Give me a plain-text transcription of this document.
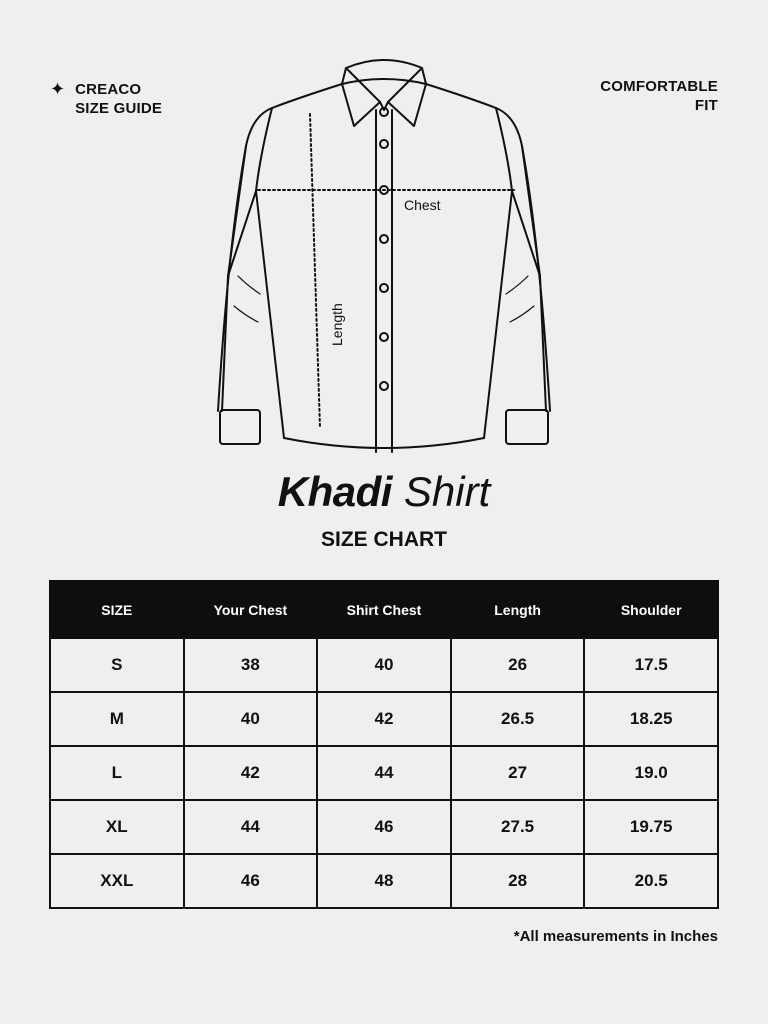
✦ CREACO
SIZE GUIDE
COMFORTABLE
FIT
Chest
Length
Khadi Shirt
SIZE CHART
SIZE	Your Chest	Shirt Chest	Length	Shoulder
S	38	40	26	17.5
M	40	42	26.5	18.25
L	42	44	27	19.0
XL	44	46	27.5	19.75
XXL	46	48	28	20.5
*All measurements in Inches
